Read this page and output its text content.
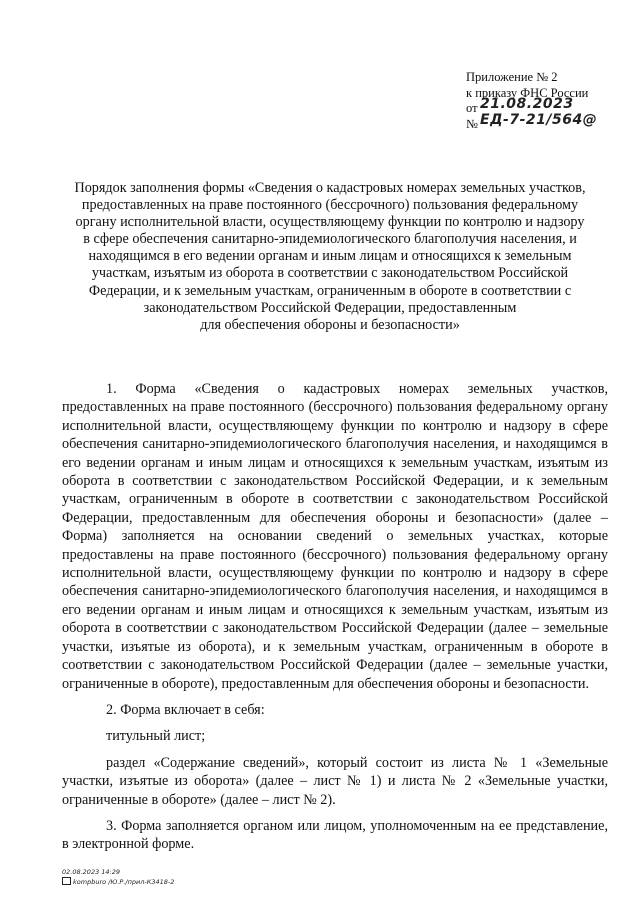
Приложение № 2
к приказу ФНС России
от 21.08.2023
№ ЕД-7-21/564@
Порядок заполнения формы «Сведения о кадастровых номерах земельных участков,
предоставленных на праве постоянного (бессрочного) пользования федеральному
органу исполнительной власти, осуществляющему функции по контролю и надзору
в сфере обеспечения санитарно-эпидемиологического благополучия населения, и
находящимся в его ведении органам и иным лицам и относящихся к земельным
участкам, изъятым из оборота в соответствии с законодательством Российской
Федерации, и к земельным участкам, ограниченным в обороте в соответствии с
законодательством Российской Федерации, предоставленным
для обеспечения обороны и безопасности»

1. Форма «Сведения о кадастровых номерах земельных участков, предоставленных на праве постоянного (бессрочного) пользования федеральному органу исполнительной власти, осуществляющему функции по контролю и надзору в сфере обеспечения санитарно-эпидемиологического благополучия населения, и находящимся в его ведении органам и иным лицам и относящихся к земельным участкам, изъятым из оборота в соответствии с законодательством Российской Федерации, и к земельным участкам, ограниченным в обороте в соответствии с законодательством Российской Федерации, предоставленным для обеспечения обороны и безопасности» (далее – Форма) заполняется на основании сведений о земельных участках, которые предоставлены на праве постоянного (бессрочного) пользования федеральному органу исполнительной власти, осуществляющему функции по контролю и надзору в сфере обеспечения санитарно-эпидемиологического благополучия населения, и находящимся в его ведении органам и иным лицам и относящихся к земельным участкам, изъятым из оборота в соответствии с законодательством Российской Федерации (далее – земельные участки, изъятые из оборота), и к земельным участкам, ограниченным в обороте в соответствии с законодательством Российской Федерации (далее – земельные участки, ограниченные в обороте), предоставленным для обеспечения обороны и безопасности.

2. Форма включает в себя:

титульный лист;

раздел «Содержание сведений», который состоит из листа № 1 «Земельные участки, изъятые из оборота» (далее – лист № 1) и листа № 2 «Земельные участки, ограниченные в обороте» (далее – лист № 2).

3. Форма заполняется органом или лицом, уполномоченным на ее представление, в электронной форме.

02.08.2023 14:29
kompburo /Ю.Р./прил-К3418-2
